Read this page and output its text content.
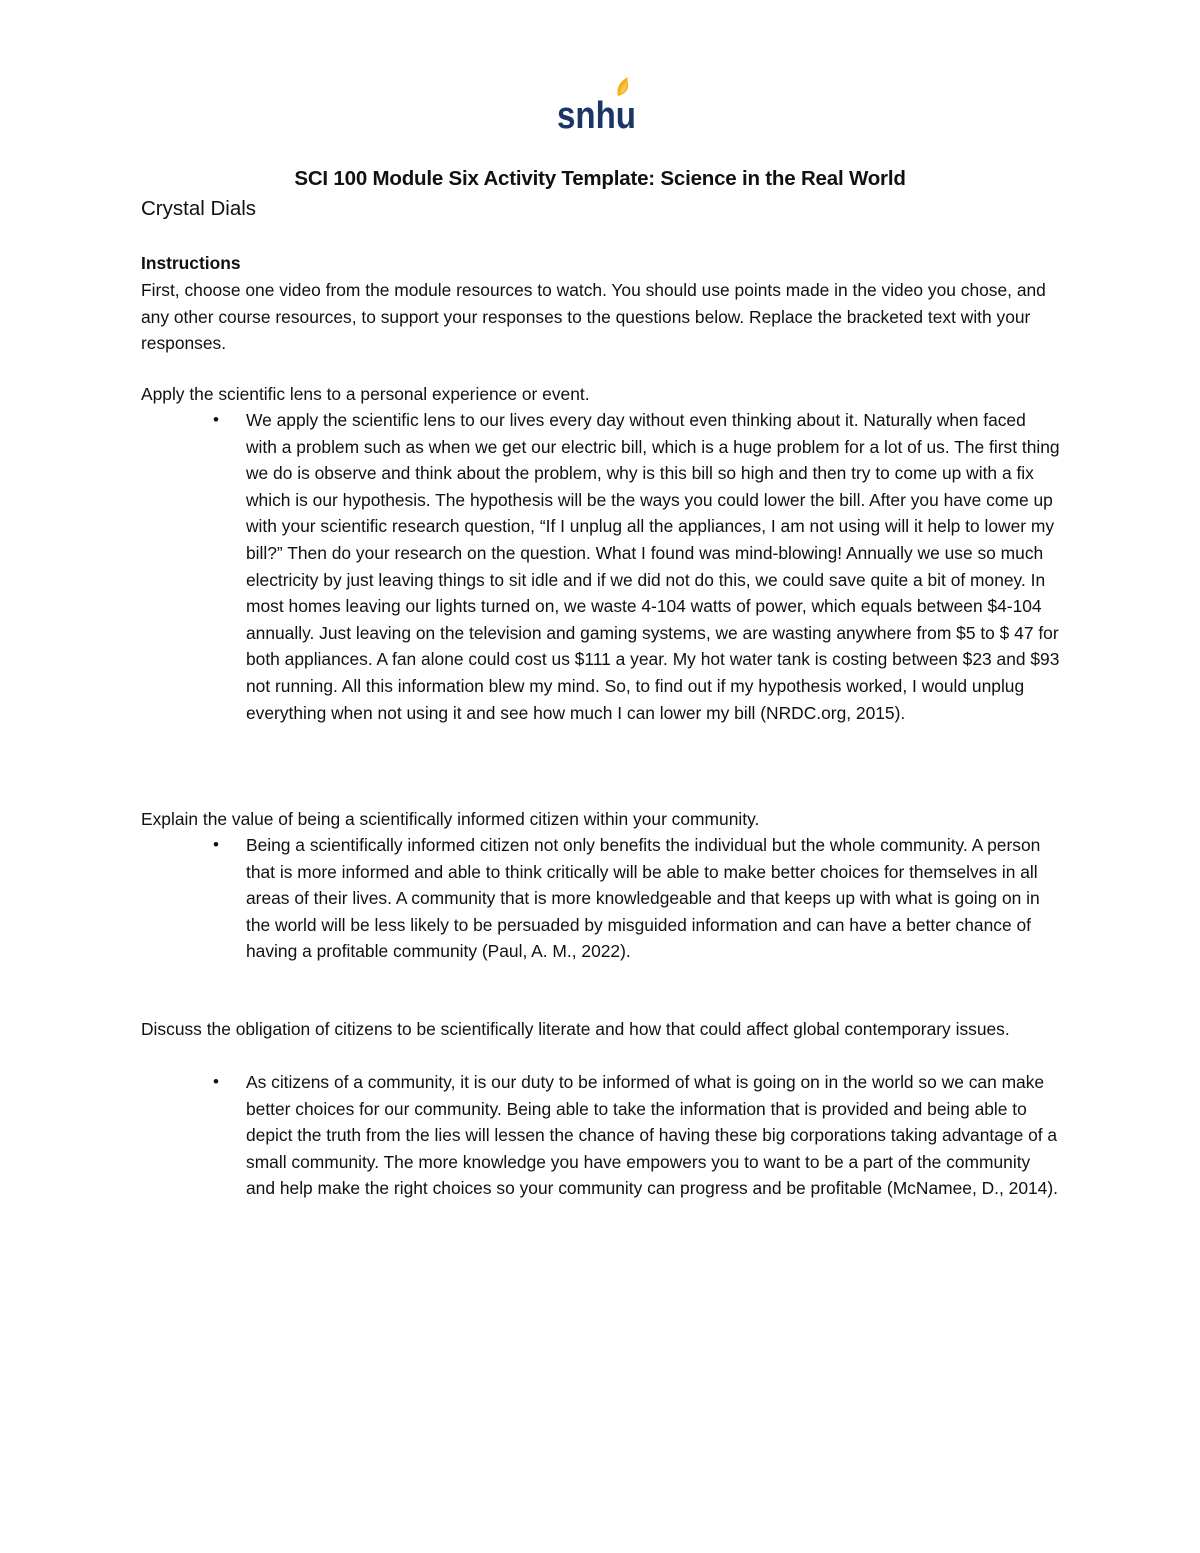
snhu
SCI 100 Module Six Activity Template: Science in the Real World

Crystal Dials

Instructions

First, choose one video from the module resources to watch. You should use points made in the video you chose, and any other course resources, to support your responses to the questions below. Replace the bracketed text with your responses.

Apply the scientific lens to a personal experience or event.

• We apply the scientific lens to our lives every day without even thinking about it. Naturally when faced with a problem such as when we get our electric bill, which is a huge problem for a lot of us. The first thing we do is observe and think about the problem, why is this bill so high and then try to come up with a fix which is our hypothesis. The hypothesis will be the ways you could lower the bill. After you have come up with your scientific research question, “If I unplug all the appliances, I am not using will it help to lower my bill?” Then do your research on the question. What I found was mind-blowing! Annually we use so much electricity by just leaving things to sit idle and if we did not do this, we could save quite a bit of money. In most homes leaving our lights turned on, we waste 4-104 watts of power, which equals between $4-104 annually. Just leaving on the television and gaming systems, we are wasting anywhere from $5 to $ 47 for both appliances. A fan alone could cost us $111 a year. My hot water tank is costing between $23 and $93 not running. All this information blew my mind. So, to find out if my hypothesis worked, I would unplug everything when not using it and see how much I can lower my bill (NRDC.org, 2015).

Explain the value of being a scientifically informed citizen within your community.

• Being a scientifically informed citizen not only benefits the individual but the whole community. A person that is more informed and able to think critically will be able to make better choices for themselves in all areas of their lives. A community that is more knowledgeable and that keeps up with what is going on in the world will be less likely to be persuaded by misguided information and can have a better chance of having a profitable community (Paul, A. M., 2022).

Discuss the obligation of citizens to be scientifically literate and how that could affect global contemporary issues.

• As citizens of a community, it is our duty to be informed of what is going on in the world so we can make better choices for our community. Being able to take the information that is provided and being able to depict the truth from the lies will lessen the chance of having these big corporations taking advantage of a small community. The more knowledge you have empowers you to want to be a part of the community and help make the right choices so your community can progress and be profitable (McNamee, D., 2014).
